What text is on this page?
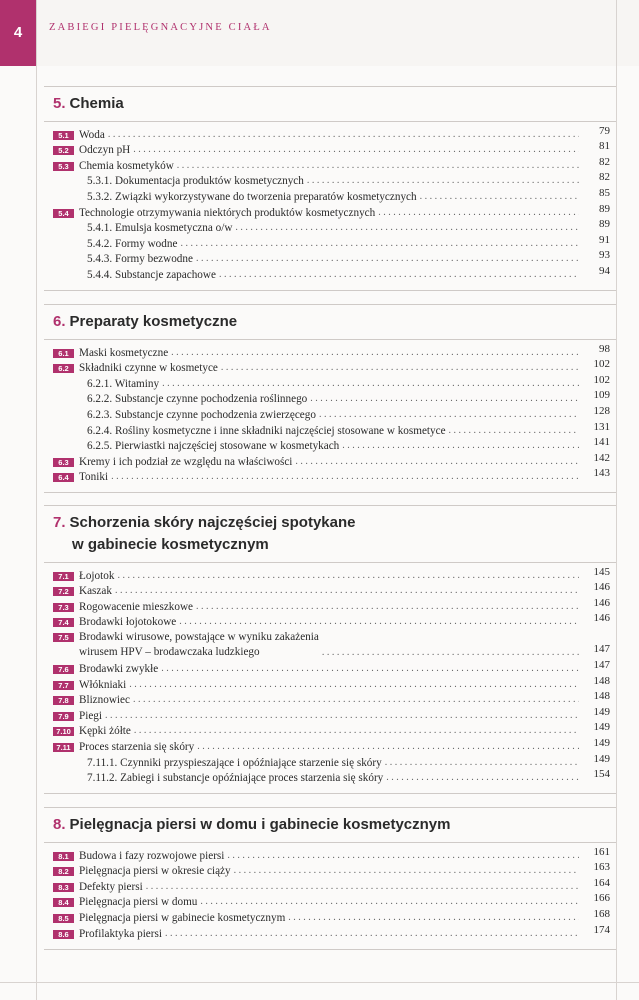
4	ZABIEGI PIELĘGNACYJNE CIAŁA
5. Chemia
5.1 Woda . . .	79
5.2 Odczyn pH . . .	81
5.3 Chemia kosmetyków . . .	82
5.3.1. Dokumentacja produktów kosmetycznych . . .	82
5.3.2. Związki wykorzystywane do tworzenia preparatów kosmetycznych . . .	85
5.4 Technologie otrzymywania niektórych produktów kosmetycznych . . .	89
5.4.1. Emulsja kosmetyczna o/w . . .	89
5.4.2. Formy wodne . . .	91
5.4.3. Formy bezwodne . . .	93
5.4.4. Substancje zapachowe . . .	94
6. Preparaty kosmetyczne
6.1 Maski kosmetyczne . . .	98
6.2 Składniki czynne w kosmetyce . . .	102
6.2.1. Witaminy . . .	102
6.2.2. Substancje czynne pochodzenia roślinnego . . .	109
6.2.3. Substancje czynne pochodzenia zwierzęcego . . .	128
6.2.4. Rośliny kosmetyczne i inne składniki najczęściej stosowane w kosmetyce . . .	131
6.2.5. Pierwiastki najczęściej stosowane w kosmetykach . . .	141
6.3 Kremy i ich podział ze względu na właściwości . . .	142
6.4 Toniki . . .	143
7. Schorzenia skóry najczęściej spotykane
w gabinecie kosmetycznym
7.1 Łojotok . . .	145
7.2 Kaszak . . .	146
7.3 Rogowacenie mieszkowe . . .	146
7.4 Brodawki łojotokowe . . .	146
7.5 Brodawki wirusowe, powstające w wyniku zakażenia
wirusem HPV – brodawczaka ludzkiego . . .	147
7.6 Brodawki zwykłe . . .	147
7.7 Włókniaki . . .	148
7.8 Bliznowiec . . .	148
7.9 Piegi . . .	149
7.10 Kępki żółte . . .	149
7.11 Proces starzenia się skóry . . .	149
7.11.1. Czynniki przyspieszające i opóźniające starzenie się skóry . . .	149
7.11.2. Zabiegi i substancje opóźniające proces starzenia się skóry . . .	154
8. Pielęgnacja piersi w domu i gabinecie kosmetycznym
8.1 Budowa i fazy rozwojowe piersi . . .	161
8.2 Pielęgnacja piersi w okresie ciąży . . .	163
8.3 Defekty piersi . . .	164
8.4 Pielęgnacja piersi w domu . . .	166
8.5 Pielęgnacja piersi w gabinecie kosmetycznym . . .	168
8.6 Profilaktyka piersi . . .	174
